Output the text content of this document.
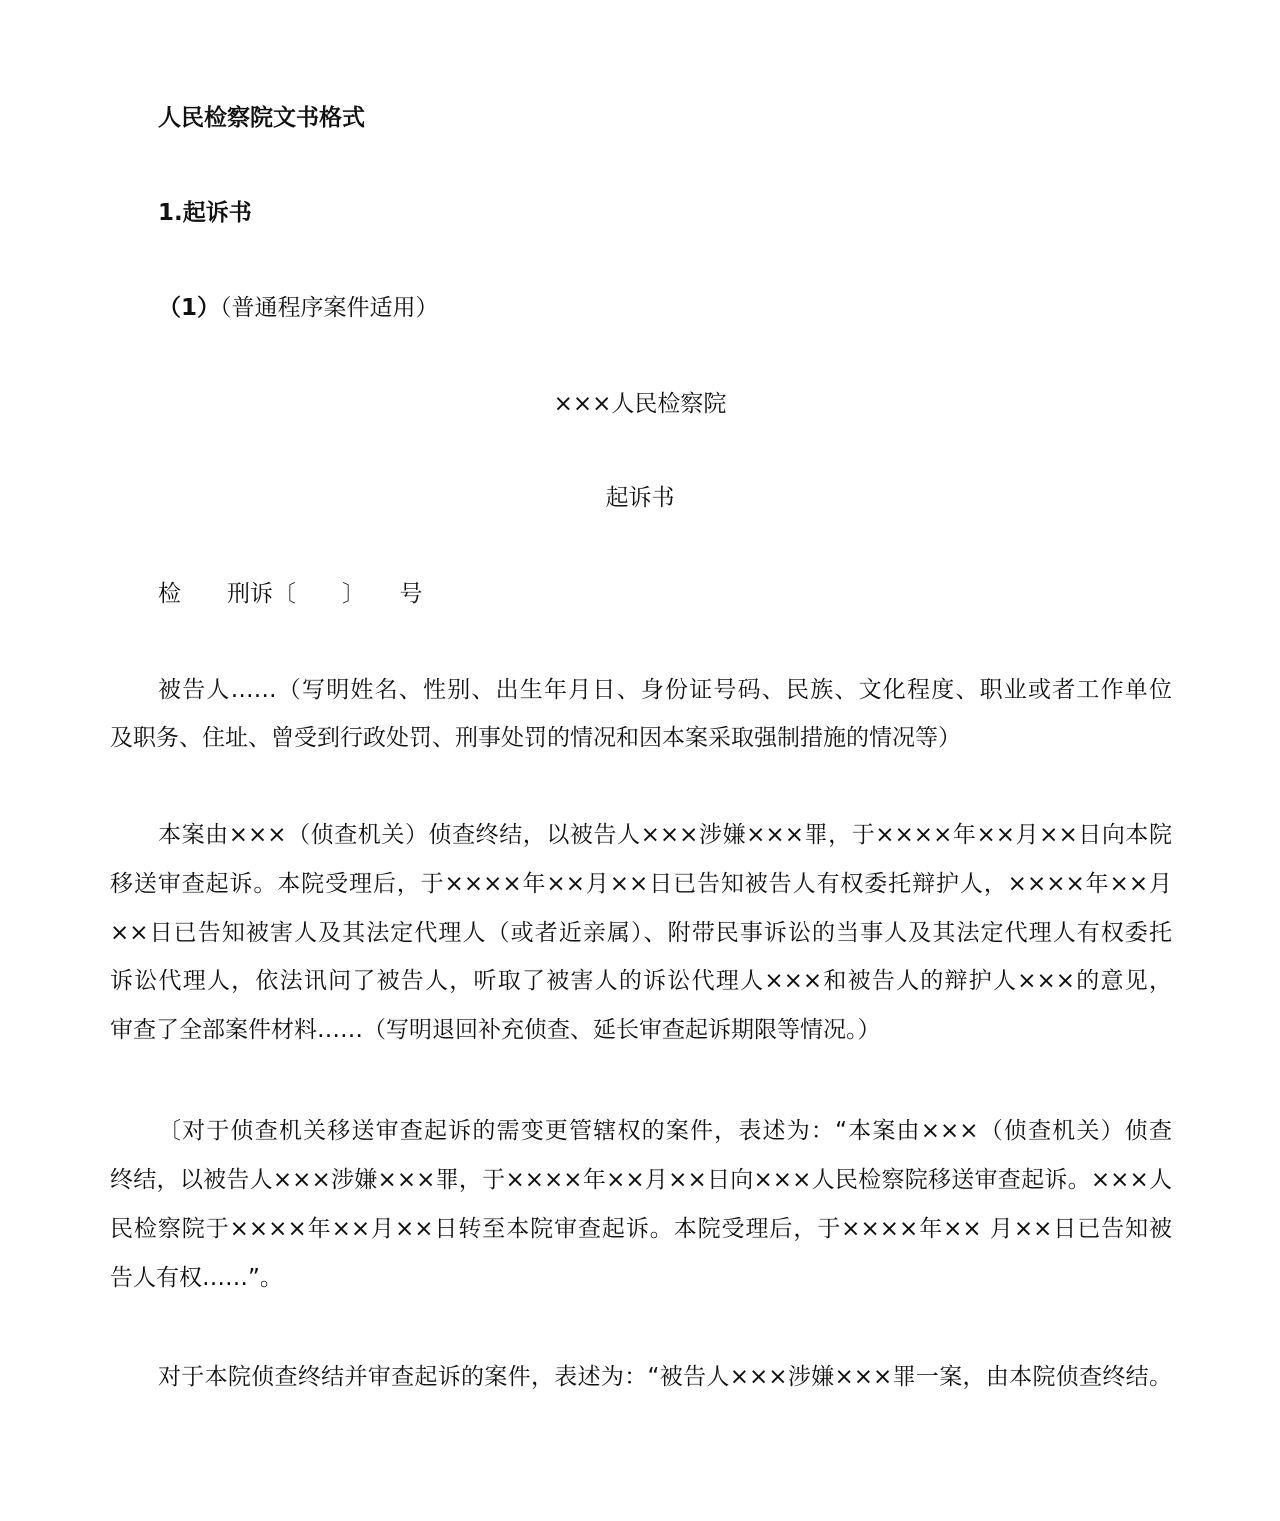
人民检察院文书格式
1.起诉书
（1）（普通程序案件适用）
×××人民检察院
起诉书
检　　刑诉〔　　〕　　号
被告人……（写明姓名、性别、出生年月日、身份证号码、民族、文化程度、职业或者工作单位
及职务、住址、曾受到行政处罚、刑事处罚的情况和因本案采取强制措施的情况等）
本案由×××（侦查机关）侦查终结，以被告人×××涉嫌×××罪，于××××年××月××日向本院
移送审查起诉。本院受理后，于××××年××月××日已告知被告人有权委托辩护人，××××年××月
××日已告知被害人及其法定代理人（或者近亲属）、附带民事诉讼的当事人及其法定代理人有权委托
诉讼代理人，依法讯问了被告人，听取了被害人的诉讼代理人×××和被告人的辩护人×××的意见，
审查了全部案件材料……（写明退回补充侦查、延长审查起诉期限等情况。）
〔对于侦查机关移送审查起诉的需变更管辖权的案件，表述为：“本案由×××（侦查机关）侦查
终结，以被告人×××涉嫌×××罪，于××××年××月××日向×××人民检察院移送审查起诉。×××人
民检察院于××××年××月××日转至本院审查起诉。本院受理后，于××××年×× 月××日已告知被
告人有权……”。
对于本院侦查终结并审查起诉的案件，表述为：“被告人×××涉嫌×××罪一案，由本院侦查终结。
